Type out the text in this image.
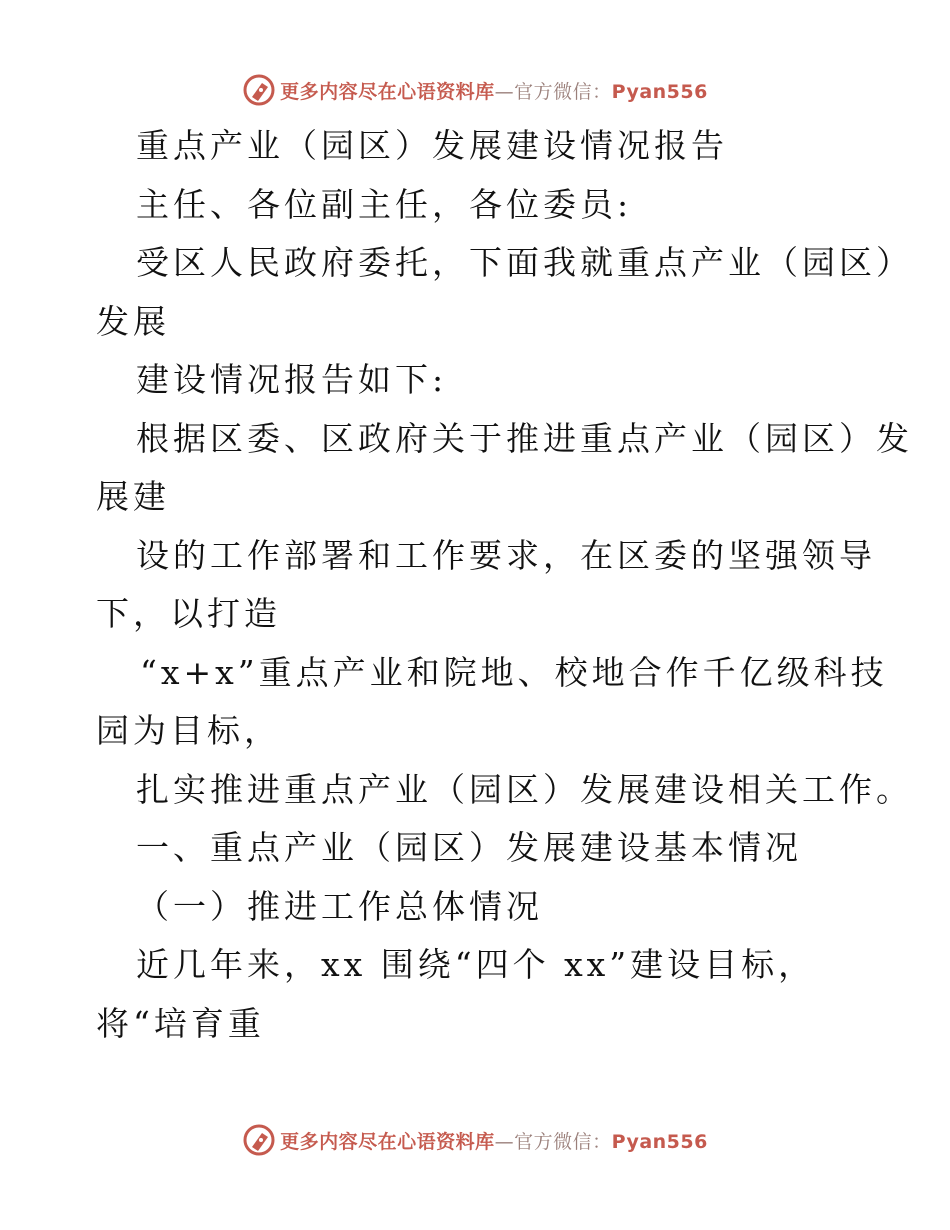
更多内容尽在心语资料库—官方微信：Pyan556
重点产业（园区）发展建设情况报告
主任、各位副主任，各位委员:
受区人民政府委托，下面我就重点产业（园区）
发展
建设情况报告如下:
根据区委、区政府关于推进重点产业（园区）发
展建
设的工作部署和工作要求，在区委的坚强领导
下，以打造
“x+x”重点产业和院地、校地合作千亿级科技
园为目标，
扎实推进重点产业（园区）发展建设相关工作。
一、重点产业（园区）发展建设基本情况
（一）推进工作总体情况
近几年来，xx 围绕“四个 xx”建设目标，
将“培育重
更多内容尽在心语资料库—官方微信：Pyan556
